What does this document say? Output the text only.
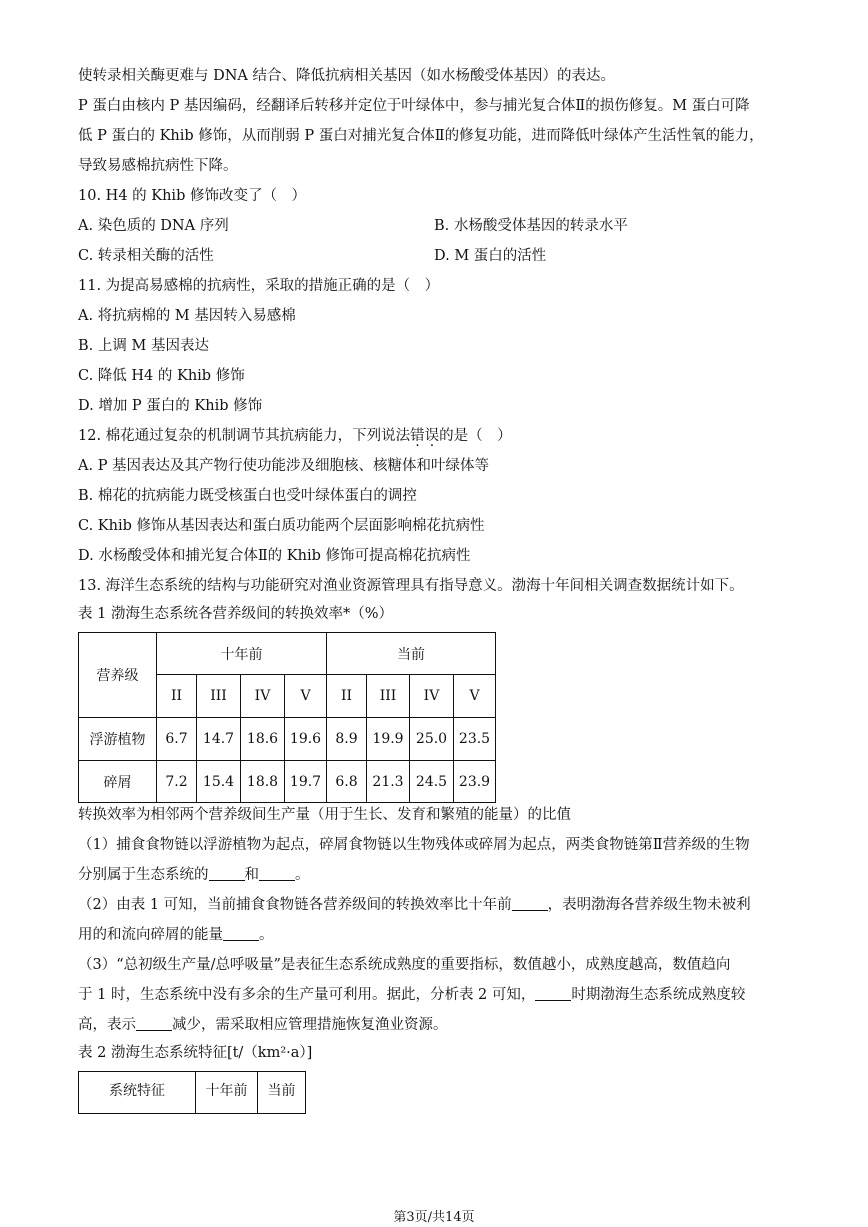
使转录相关酶更难与 DNA 结合、降低抗病相关基因（如水杨酸受体基因）的表达。
P 蛋白由核内 P 基因编码，经翻译后转移并定位于叶绿体中，参与捕光复合体Ⅱ的损伤修复。M 蛋白可降
低 P 蛋白的 Khib 修饰，从而削弱 P 蛋白对捕光复合体Ⅱ的修复功能，进而降低叶绿体产生活性氧的能力，
导致易感棉抗病性下降。
10. H4 的 Khib 修饰改变了（　）
A. 染色质的 DNA 序列	B. 水杨酸受体基因的转录水平
C. 转录相关酶的活性	D. M 蛋白的活性
11. 为提高易感棉的抗病性，采取的措施正确的是（　）
A. 将抗病棉的 M 基因转入易感棉
B. 上调 M 基因表达
C. 降低 H4 的 Khib 修饰
D. 增加 P 蛋白的 Khib 修饰
12. 棉花通过复杂的机制调节其抗病能力，下列说法错误的是（　）
A. P 基因表达及其产物行使功能涉及细胞核、核糖体和叶绿体等
B. 棉花的抗病能力既受核蛋白也受叶绿体蛋白的调控
C. Khib 修饰从基因表达和蛋白质功能两个层面影响棉花抗病性
D. 水杨酸受体和捕光复合体Ⅱ的 Khib 修饰可提高棉花抗病性
13. 海洋生态系统的结构与功能研究对渔业资源管理具有指导意义。渤海十年间相关调查数据统计如下。
表 1 渤海生态系统各营养级间的转换效率*（%）
营养级	十年前				当前			
	II	III	IV	V	II	III	IV	V
浮游植物	6.7	14.7	18.6	19.6	8.9	19.9	25.0	23.5
碎屑	7.2	15.4	18.8	19.7	6.8	21.3	24.5	23.9
转换效率为相邻两个营养级间生产量（用于生长、发育和繁殖的能量）的比值
（1）捕食食物链以浮游植物为起点，碎屑食物链以生物残体或碎屑为起点，两类食物链第Ⅱ营养级的生物
分别属于生态系统的 和 。
（2）由表 1 可知，当前捕食食物链各营养级间的转换效率比十年前 ，表明渤海各营养级生物未被利
用的和流向碎屑的能量 。
（3）“总初级生产量/总呼吸量”是表征生态系统成熟度的重要指标，数值越小，成熟度越高，数值趋向
于 1 时，生态系统中没有多余的生产量可利用。据此，分析表 2 可知， 时期渤海生态系统成熟度较
高，表示 减少，需采取相应管理措施恢复渔业资源。
表 2 渤海生态系统特征[t/（km²·a）]
系统特征	十年前	当前
第3页/共14页
